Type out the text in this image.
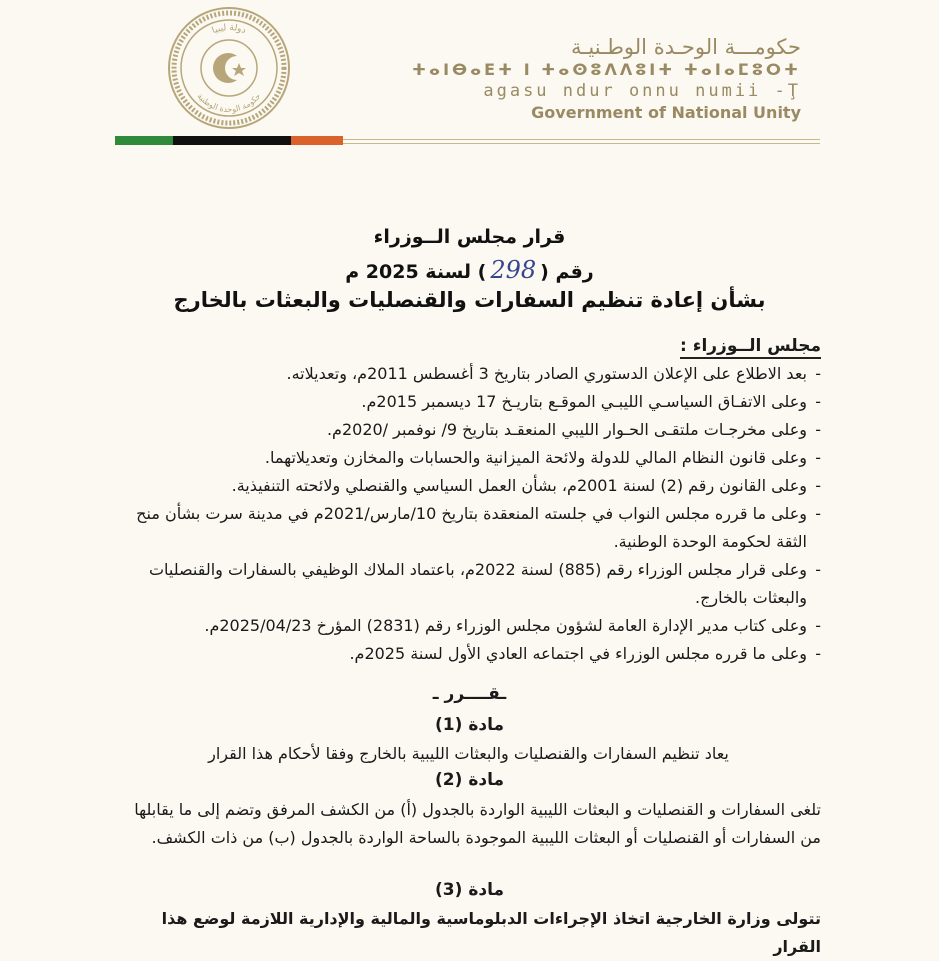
دولة ليبيا
حكومة الوحدة الوطنية
حكومـــة الوحـدة الوطـنيـة
ⵜⴰⵏⴱⴰⴹⵜ ⵏ ⵜⴰⵙⵓⴷⴷⵓⵏⵜ ⵜⴰⵏⴰⵎⵓⵔⵜ
agasu ndur onnu numii -Ţ
Government of National Unity
قرار مجلس الــوزراء
رقم (298) لسنة 2025 م
بشأن إعادة تنظيم السفارات والقنصليات والبعثات بالخارج
مجلس الــوزراء :
- بعد الاطلاع على الإعلان الدستوري الصادر بتاريخ 3 أغسطس 2011م، وتعديلاته.
- وعلى الاتفـاق السياسـي الليبـي الموقـع بتاريـخ 17 ديسمبر 2015م.
- وعلى مخرجـات ملتقـى الحـوار الليبي المنعقـد بتاريخ 9/ نوفمبر /2020م.
- وعلى قانون النظام المالي للدولة ولائحة الميزانية والحسابات والمخازن وتعديلاتهما.
- وعلى القانون رقم (2) لسنة 2001م، بشأن العمل السياسي والقنصلي ولائحته التنفيذية.
- وعلى ما قرره مجلس النواب في جلسته المنعقدة بتاريخ 10/مارس/2021م في مدينة سرت بشأن منح الثقة لحكومة الوحدة الوطنية.
- وعلى قرار مجلس الوزراء رقم (885) لسنة 2022م، باعتماد الملاك الوظيفي بالسفارات والقنصليات والبعثات بالخارج.
- وعلى كتاب مدير الإدارة العامة لشؤون مجلس الوزراء رقم (2831) المؤرخ 2025/04/23م.
- وعلى ما قرره مجلس الوزراء في اجتماعه العادي الأول لسنة 2025م.
ـقــــرر ـ
مادة (1)
يعاد تنظيم السفارات والقنصليات والبعثات الليبية بالخارج وفقا لأحكام هذا القرار
مادة (2)
تلغى السفارات و القنصليات و البعثات الليبية الواردة بالجدول (أ) من الكشف المرفق وتضم إلى ما يقابلها من السفارات أو القنصليات أو البعثات الليبية الموجودة بالساحة الواردة بالجدول (ب) من ذات الكشف.
مادة (3)
تتولى وزارة الخارجية اتخاذ الإجراءات الدبلوماسية والمالية والإدارية اللازمة لوضع هذا القرار
